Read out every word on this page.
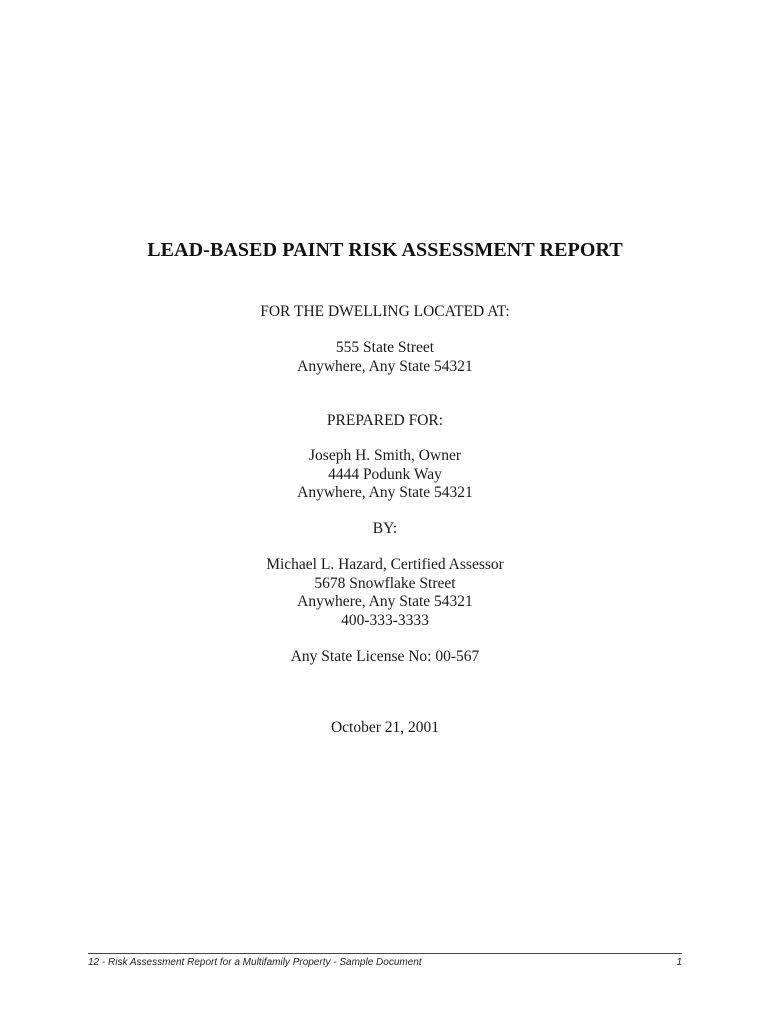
LEAD-BASED PAINT RISK ASSESSMENT REPORT
FOR THE DWELLING LOCATED AT:
555 State Street
Anywhere, Any State 54321
PREPARED FOR:
Joseph H. Smith, Owner
4444 Podunk Way
Anywhere, Any State 54321
BY:
Michael L. Hazard, Certified Assessor
5678 Snowflake Street
Anywhere, Any State 54321
400-333-3333
Any State License No: 00-567
October 21, 2001
12 - Risk Assessment Report for a Multifamily Property - Sample Document	1
